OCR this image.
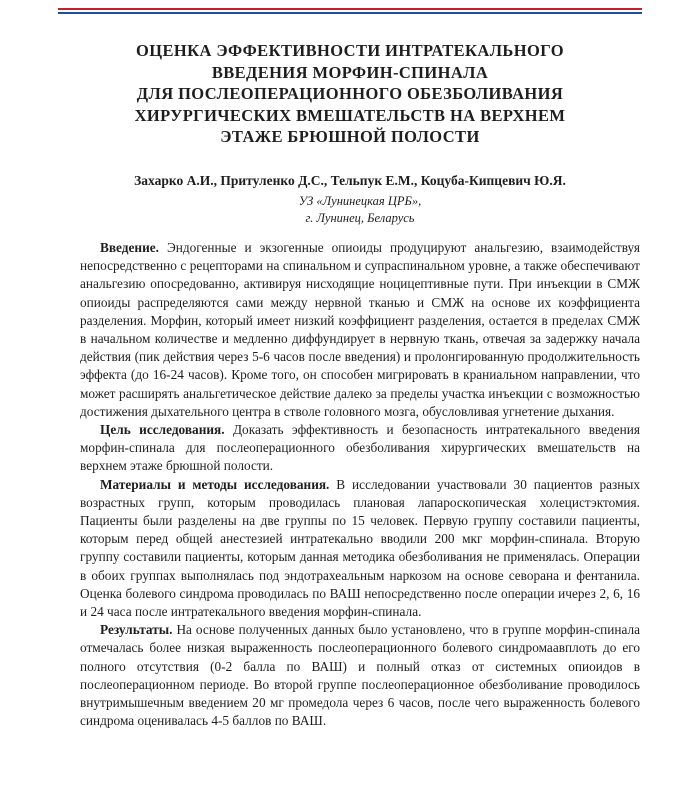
ОЦЕНКА ЭФФЕКТИВНОСТИ ИНТРАТЕКАЛЬНОГО
ВВЕДЕНИЯ МОРФИН-СПИНАЛА
ДЛЯ ПОСЛЕОПЕРАЦИОННОГО ОБЕЗБОЛИВАНИЯ
ХИРУРГИЧЕСКИХ ВМЕШАТЕЛЬСТВ НА ВЕРХНЕМ
ЭТАЖЕ БРЮШНОЙ ПОЛОСТИ
Захарко А.И., Притуленко Д.С., Тельпук Е.М., Коцуба-Кипцевич Ю.Я.
УЗ «Лунинецкая ЦРБ»,
г. Лунинец, Беларусь

Введение. Эндогенные и экзогенные опиоиды продуцируют анальгезию, взаимодействуя непосредственно с рецепторами на спинальном и супраспинальном уровне, а также обеспечивают анальгезию опосредованно, активируя нисходящие ноцицептивные пути. При инъекции в СМЖ опиоиды распределяются сами между нервной тканью и СМЖ на основе их коэффициента разделения. Морфин, который имеет низкий коэффициент разделения, остается в пределах СМЖ в начальном количестве и медленно диффундирует в нервную ткань, отвечая за задержку начала действия (пик действия через 5-6 часов после введения) и пролонгированную продолжительность эффекта (до 16-24 часов). Кроме того, он способен мигрировать в краниальном направлении, что может расширять анальгетическое действие далеко за пределы участка инъекции с возможностью достижения дыхательного центра в стволе головного мозга, обусловливая угнетение дыхания.

Цель исследования. Доказать эффективность и безопасность интратекального введения морфин-спинала для послеоперационного обезболивания хирургических вмешательств на верхнем этаже брюшной полости.

Материалы и методы исследования. В исследовании участвовали 30 пациентов разных возрастных групп, которым проводилась плановая лапароскопическая холецистэктомия. Пациенты были разделены на две группы по 15 человек. Первую группу составили пациенты, которым перед общей анестезией интратекально вводили 200 мкг морфин-спинала. Вторую группу составили пациенты, которым данная методика обезболивания не применялась. Операции в обоих группах выполнялась под эндотрахеальным наркозом на основе севорана и фентанила. Оценка болевого синдрома проводилась по ВАШ непосредственно после операции ичерез 2, 6, 16 и 24 часа после интратекального введения морфин-спинала.

Результаты. На основе полученных данных было установлено, что в группе морфин-спинала отмечалась более низкая выраженность послеоперационного болевого синдромаавплоть до его полного отсутствия (0-2 балла по ВАШ) и полный отказ от системных опиоидов в послеоперационном периоде. Во второй группе послеоперационное обезболивание проводилось внутримышечным введением 20 мг промедола через 6 часов, после чего выраженность болевого синдрома оценивалась 4-5 баллов по ВАШ.
